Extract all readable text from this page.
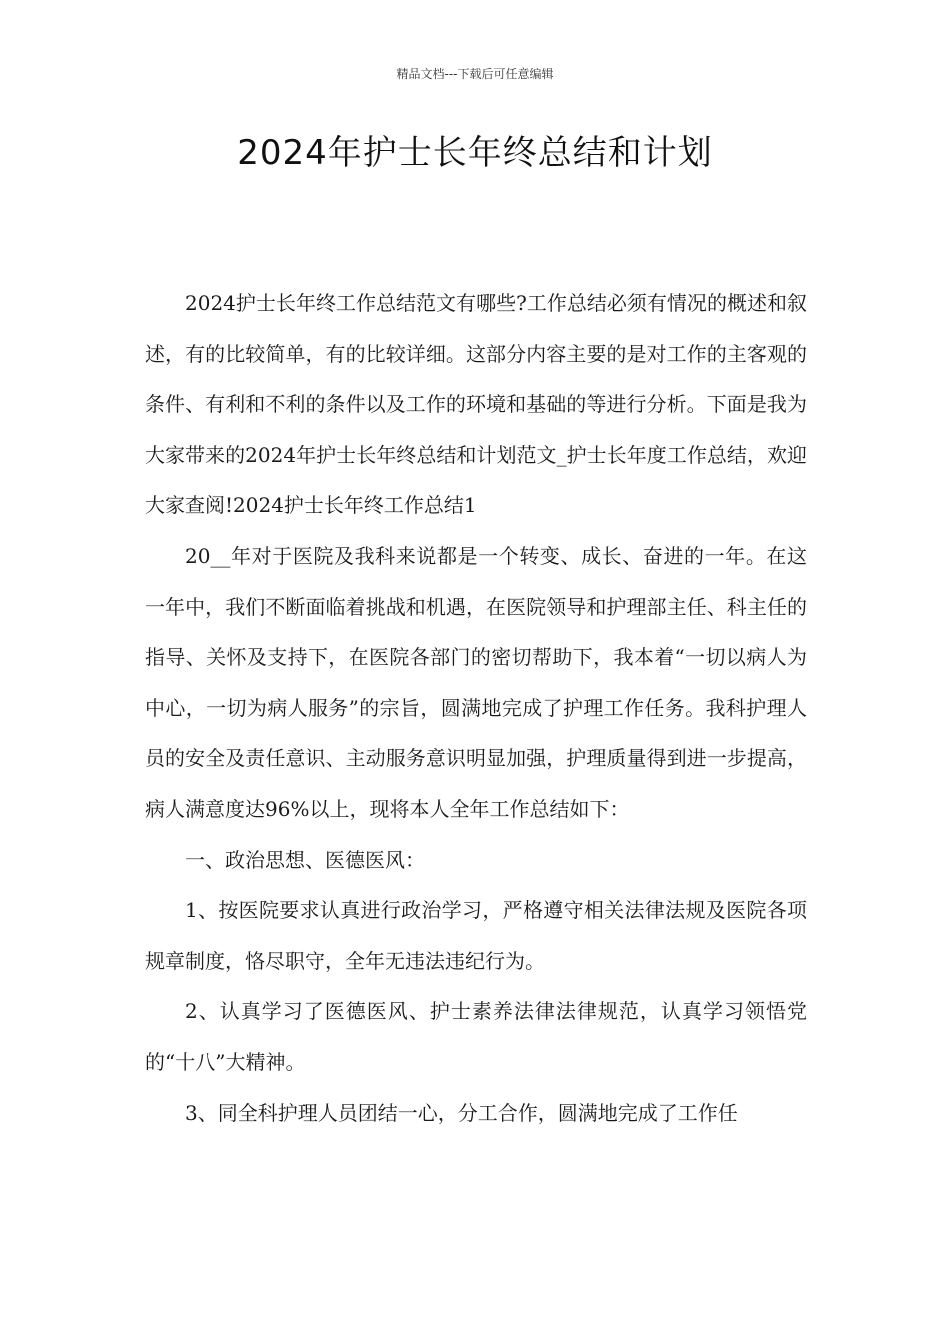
精品文档---下载后可任意编辑
2024年护士长年终总结和计划

2024护士长年终工作总结范文有哪些?工作总结必须有情况的概述和叙述，有的比较简单，有的比较详细。这部分内容主要的是对工作的主客观的条件、有利和不利的条件以及工作的环境和基础的等进行分析。下面是我为大家带来的2024年护士长年终总结和计划范文_护士长年度工作总结，欢迎大家查阅!2024护士长年终工作总结1

20__年对于医院及我科来说都是一个转变、成长、奋进的一年。在这一年中，我们不断面临着挑战和机遇，在医院领导和护理部主任、科主任的指导、关怀及支持下，在医院各部门的密切帮助下，我本着“一切以病人为中心，一切为病人服务”的宗旨，圆满地完成了护理工作任务。我科护理人员的安全及责任意识、主动服务意识明显加强，护理质量得到进一步提高，病人满意度达96%以上，现将本人全年工作总结如下：

一、政治思想、医德医风：

1、按医院要求认真进行政治学习，严格遵守相关法律法规及医院各项规章制度，恪尽职守，全年无违法违纪行为。

2、认真学习了医德医风、护士素养法律法律规范，认真学习领悟党的“十八”大精神。

3、同全科护理人员团结一心，分工合作，圆满地完成了工作任
